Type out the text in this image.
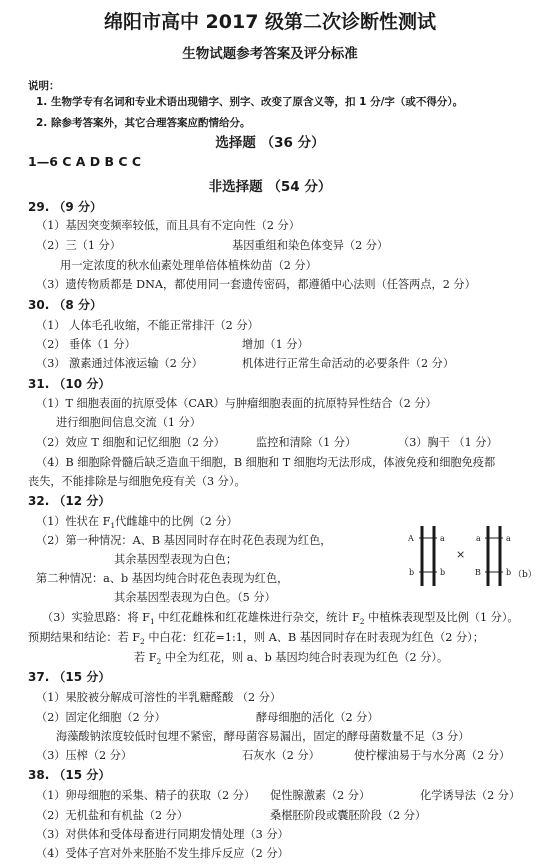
绵阳市高中 2017 级第二次诊断性测试
生物试题参考答案及评分标准
说明：
1. 生物学专有名词和专业术语出现错字、别字、改变了原含义等，扣 1 分/字（或不得分）。
2. 除参考答案外，其它合理答案应酌情给分。
选择题 （36 分）
1—6 C A D B C C
非选择题 （54 分）
29. （9 分）
（1）基因突变频率较低，而且具有不定向性（2 分）
（2）三（1 分）	基因重组和染色体变异（2 分）
用一定浓度的秋水仙素处理单倍体植株幼苗（2 分）
（3）遗传物质都是 DNA，都使用同一套遗传密码，都遵循中心法则（任答两点，2 分）
30. （8 分）
（1） 人体毛孔收缩，不能正常排汗（2 分）
（2） 垂体（1 分）	增加（1 分）
（3） 激素通过体液运输（2 分）	机体进行正常生命活动的必要条件（2 分）
31. （10 分）
（1）T 细胞表面的抗原受体（CAR）与肿瘤细胞表面的抗原特异性结合（2 分）
进行细胞间信息交流（1 分）
（2）效应 T 细胞和记忆细胞（2 分）	监控和清除（1 分）	（3）胸干 （1 分）
（4）B 细胞除骨髓后缺乏造血干细胞，B 细胞和 T 细胞均无法形成，体液免疫和细胞免疫都
丧失，不能排除是与细胞免疫有关（3 分）。
32. （12 分）
（1）性状在 $F_1$代雌雄中的比例（2 分）
（2）第一种情况：A、B 基因同时存在时花色表现为红色，
其余基因型表现为白色；
第二种情况：a、b 基因均纯合时花色表现为红色，
其余基因型表现为白色。（5 分）
（3）实验思路：将 $F_1$ 中红花雌株和红花雄株进行杂交，统计 $F_2$ 中植株表现型及比例（1 分）。
预期结果和结论：若 $F_2$ 中白花：红花=1:1，则 A、B 基因同时存在时表现为红色（2 分）；
若 $F_2$ 中全为红花，则 a、b 基因均纯合时表现为红色（2 分）。
A	a
b	b
×
a	a
B	b （b）
37. （15 分）
（1）果胶被分解成可溶性的半乳糖醛酸 （2 分）
（2）固定化细胞（2 分）	酵母细胞的活化（2 分）
海藻酸钠浓度较低时包埋不紧密，酵母菌容易漏出，固定的酵母菌数量不足（3 分）
（3）压榨（2 分）	石灰水（2 分）	使柠檬油易于与水分离（2 分）
38. （15 分）
（1）卵母细胞的采集、精子的获取（2 分） 促性腺激素（2 分）	化学诱导法（2 分）
（2）无机盐和有机盐（2 分）	桑椹胚阶段或囊胚阶段（2 分）
（3）对供体和受体母畜进行同期发情处理（3 分）
（4）受体子宫对外来胚胎不发生排斥反应（2 分）
